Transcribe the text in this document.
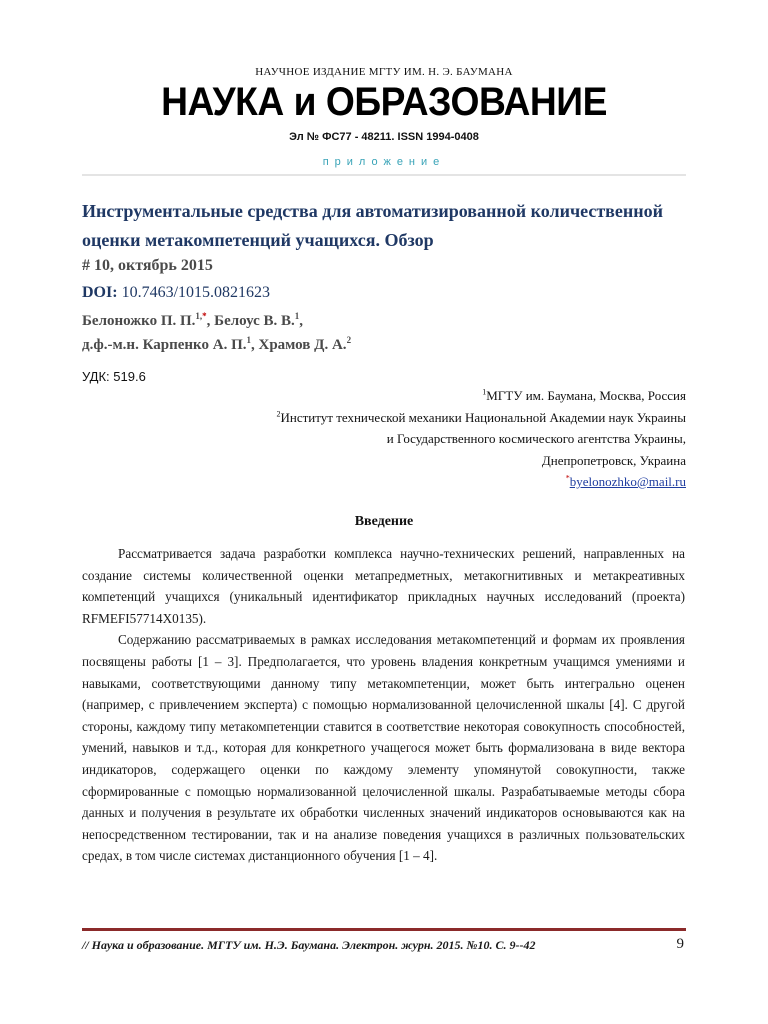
НАУЧНОЕ ИЗДАНИЕ МГТУ ИМ. Н. Э. БАУМАНА
НАУКА и ОБРАЗОВАНИЕ
Эл № ФС77 - 48211. ISSN 1994-0408
приложение
Инструментальные средства для автоматизированной количественной оценки метакомпетенций учащихся. Обзор
# 10, октябрь 2015
DOI: 10.7463/1015.0821623
Белоножко П. П.$^{1,*}$, Белоус В. В.$^1$,
д.ф.-м.н. Карпенко А. П.$^1$, Храмов Д. А.$^2$
УДК: 519.6
$^1$МГТУ им. Баумана, Москва, Россия
$^2$Институт технической механики Национальной Академии наук Украины
и Государственного космического агентства Украины,
Днепропетровск, Украина
*byelonozhko@mail.ru
Введение

Рассматривается задача разработки комплекса научно-технических решений, направленных на создание системы количественной оценки метапредметных, метакогнитивных и метакреативных компетенций учащихся (уникальный идентификатор прикладных научных исследований (проекта) RFMEFI57714X0135).

Содержанию рассматриваемых в рамках исследования метакомпетенций и формам их проявления посвящены работы [1 – 3]. Предполагается, что уровень владения конкретным учащимся умениями и навыками, соответствующими данному типу метакомпетенции, может быть интегрально оценен (например, с привлечением эксперта) с помощью нормализованной целочисленной шкалы [4]. С другой стороны, каждому типу метакомпетенции ставится в соответствие некоторая совокупность способностей, умений, навыков и т.д., которая для конкретного учащегося может быть формализована в виде вектора индикаторов, содержащего оценки по каждому элементу упомянутой совокупности, также сформированные с помощью нормализованной целочисленной шкалы. Разрабатываемые методы сбора данных и получения в результате их обработки численных значений индикаторов основываются как на непосредственном тестировании, так и на анализе поведения учащихся в различных пользовательских средах, в том числе системах дистанционного обучения [1 – 4].

// Наука и образование. МГТУ им. Н.Э. Баумана. Электрон. журн. 2015. №10. С. 9--42	9
